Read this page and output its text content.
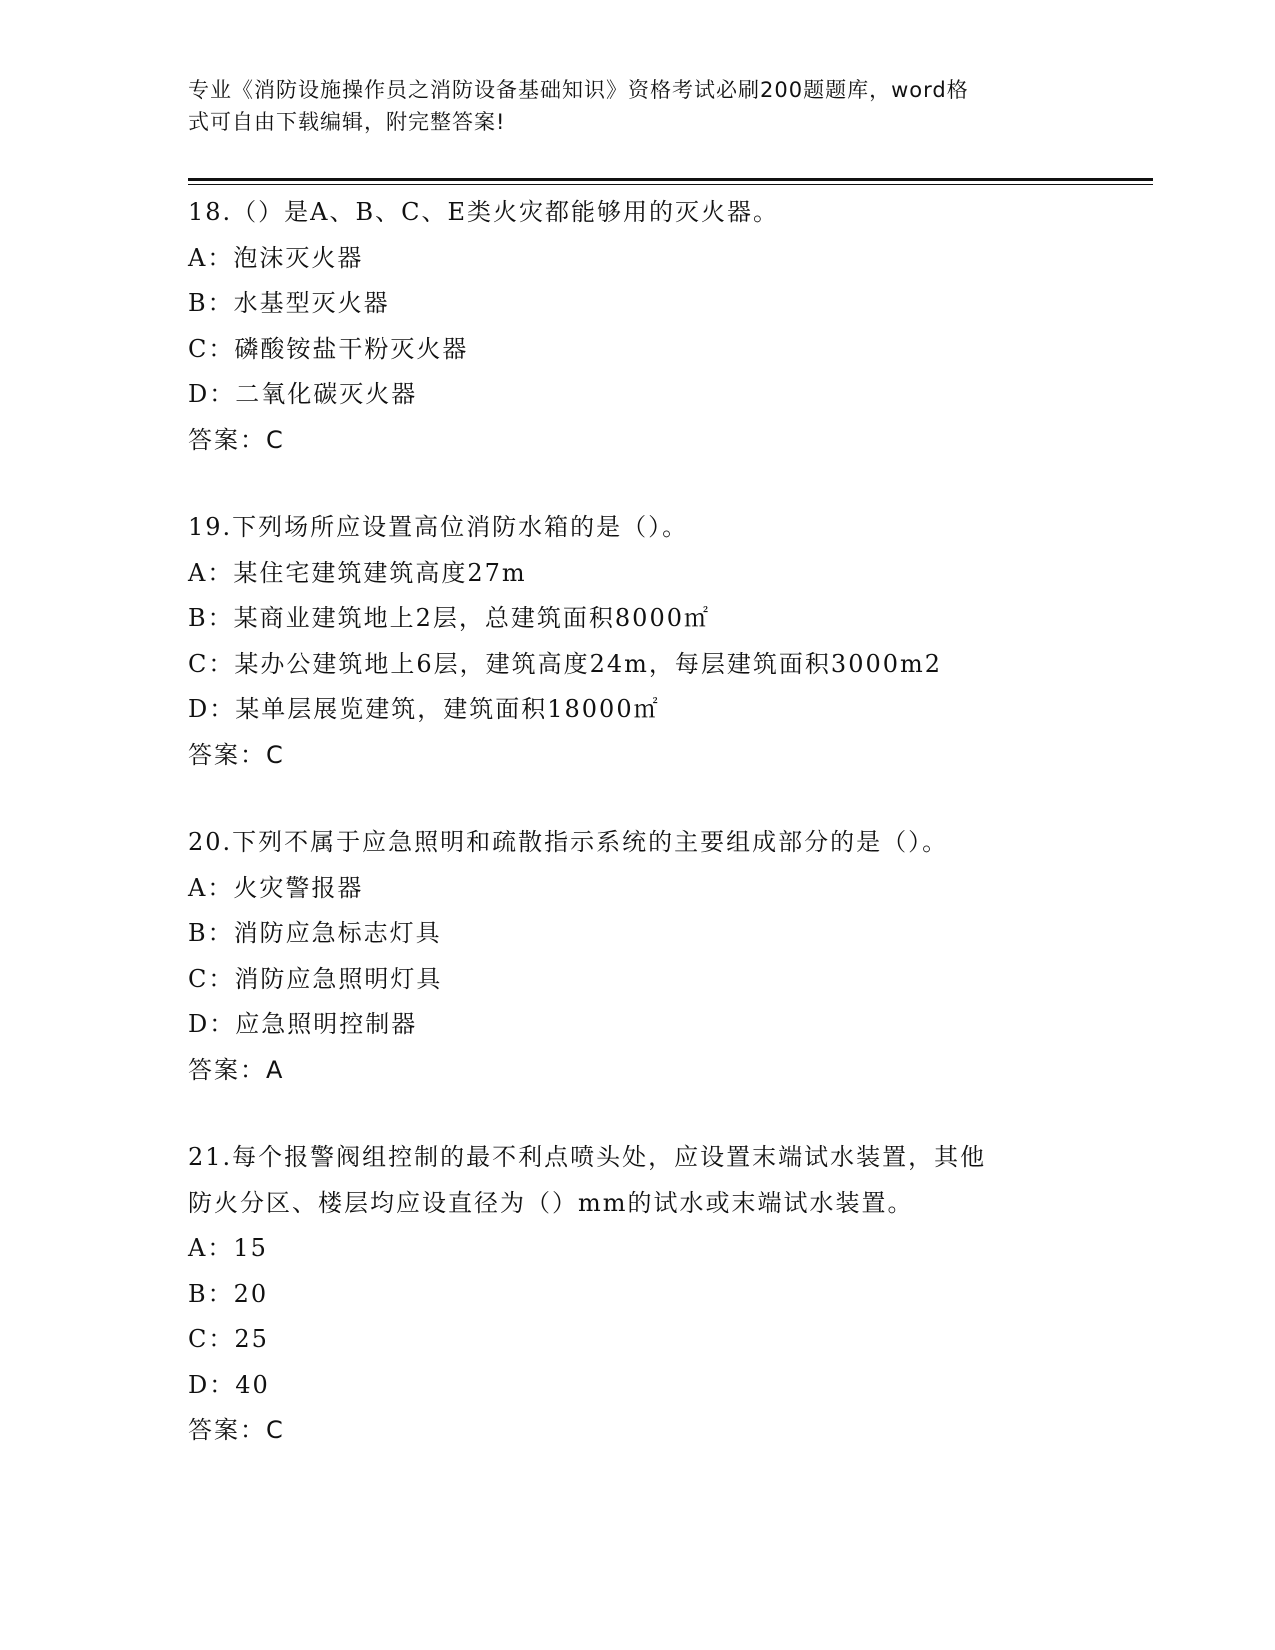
专业《消防设施操作员之消防设备基础知识》资格考试必刷200题题库，word格
式可自由下载编辑，附完整答案!

18.（）是A、B、C、E类火灾都能够用的灭火器。

A：泡沫灭火器

B：水基型灭火器

C：磷酸铵盐干粉灭火器

D：二氧化碳灭火器

答案：C

19.下列场所应设置高位消防水箱的是（）。

A：某住宅建筑建筑高度27m

B：某商业建筑地上2层，总建筑面积8000㎡

C：某办公建筑地上6层，建筑高度24m，每层建筑面积3000m2

D：某单层展览建筑，建筑面积18000㎡

答案：C

20.下列不属于应急照明和疏散指示系统的主要组成部分的是（）。

A：火灾警报器

B：消防应急标志灯具

C：消防应急照明灯具

D：应急照明控制器

答案：A

21.每个报警阀组控制的最不利点喷头处，应设置末端试水装置，其他

防火分区、楼层均应设直径为（）mm的试水或末端试水装置。

A：15

B：20

C：25

D：40

答案：C
